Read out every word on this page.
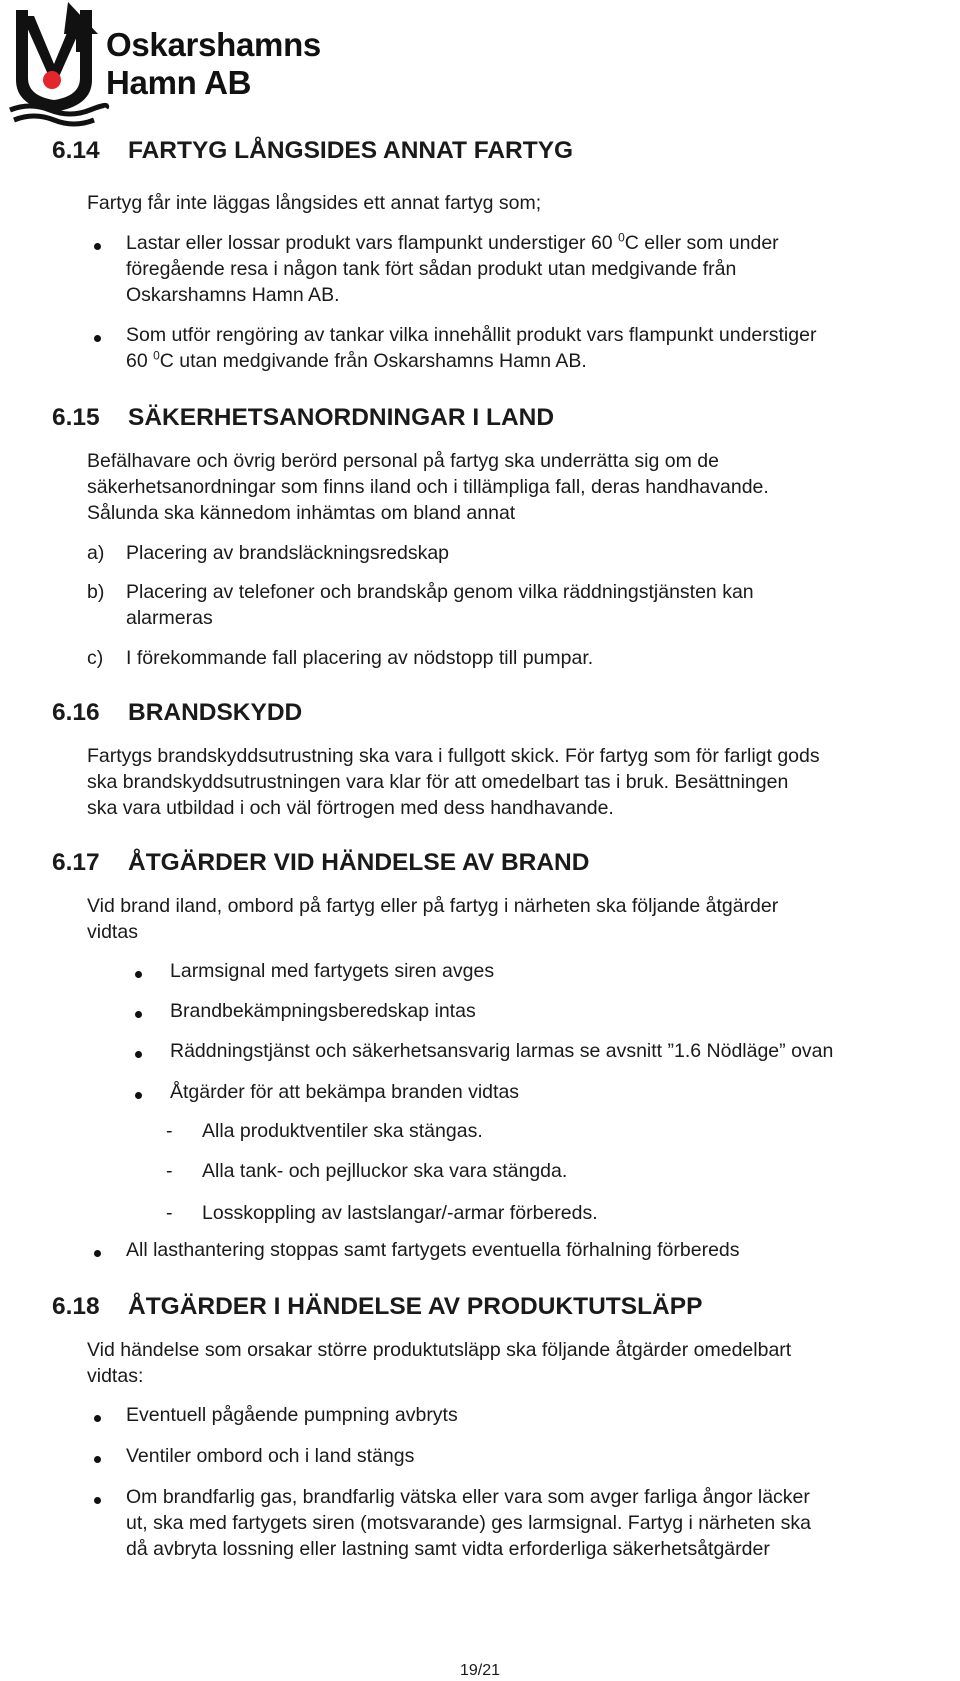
Oskarshamns
Hamn AB
6.14 FARTYG LÅNGSIDES ANNAT FARTYG
Fartyg får inte läggas långsides ett annat fartyg som;
Lastar eller lossar produkt vars flampunkt understiger 60 $^0$C eller som under
föregående resa i någon tank fört sådan produkt utan medgivande från
Oskarshamns Hamn AB.
Som utför rengöring av tankar vilka innehållit produkt vars flampunkt understiger
60 $^0$C utan medgivande från Oskarshamns Hamn AB.
6.15 SÄKERHETSANORDNINGAR I LAND
Befälhavare och övrig berörd personal på fartyg ska underrätta sig om de
säkerhetsanordningar som finns iland och i tillämpliga fall, deras handhavande.
Sålunda ska kännedom inhämtas om bland annat
a) Placering av brandsläckningsredskap
b) Placering av telefoner och brandskåp genom vilka räddningstjänsten kan
alarmeras
c) I förekommande fall placering av nödstopp till pumpar.
6.16 BRANDSKYDD
Fartygs brandskyddsutrustning ska vara i fullgott skick. För fartyg som för farligt gods
ska brandskyddsutrustningen vara klar för att omedelbart tas i bruk. Besättningen
ska vara utbildad i och väl förtrogen med dess handhavande.
6.17 ÅTGÄRDER VID HÄNDELSE AV BRAND
Vid brand iland, ombord på fartyg eller på fartyg i närheten ska följande åtgärder
vidtas
Larmsignal med fartygets siren avges
Brandbekämpningsberedskap intas
Räddningstjänst och säkerhetsansvarig larmas se avsnitt ”1.6 Nödläge” ovan
Åtgärder för att bekämpa branden vidtas
- Alla produktventiler ska stängas.
- Alla tank- och pejlluckor ska vara stängda.
- Losskoppling av lastslangar/-armar förbereds.
All lasthantering stoppas samt fartygets eventuella förhalning förbereds
6.18 ÅTGÄRDER I HÄNDELSE AV PRODUKTUTSLÄPP
Vid händelse som orsakar större produktutsläpp ska följande åtgärder omedelbart
vidtas:
Eventuell pågående pumpning avbryts
Ventiler ombord och i land stängs
Om brandfarlig gas, brandfarlig vätska eller vara som avger farliga ångor läcker
ut, ska med fartygets siren (motsvarande) ges larmsignal. Fartyg i närheten ska
då avbryta lossning eller lastning samt vidta erforderliga säkerhetsåtgärder
19/21
